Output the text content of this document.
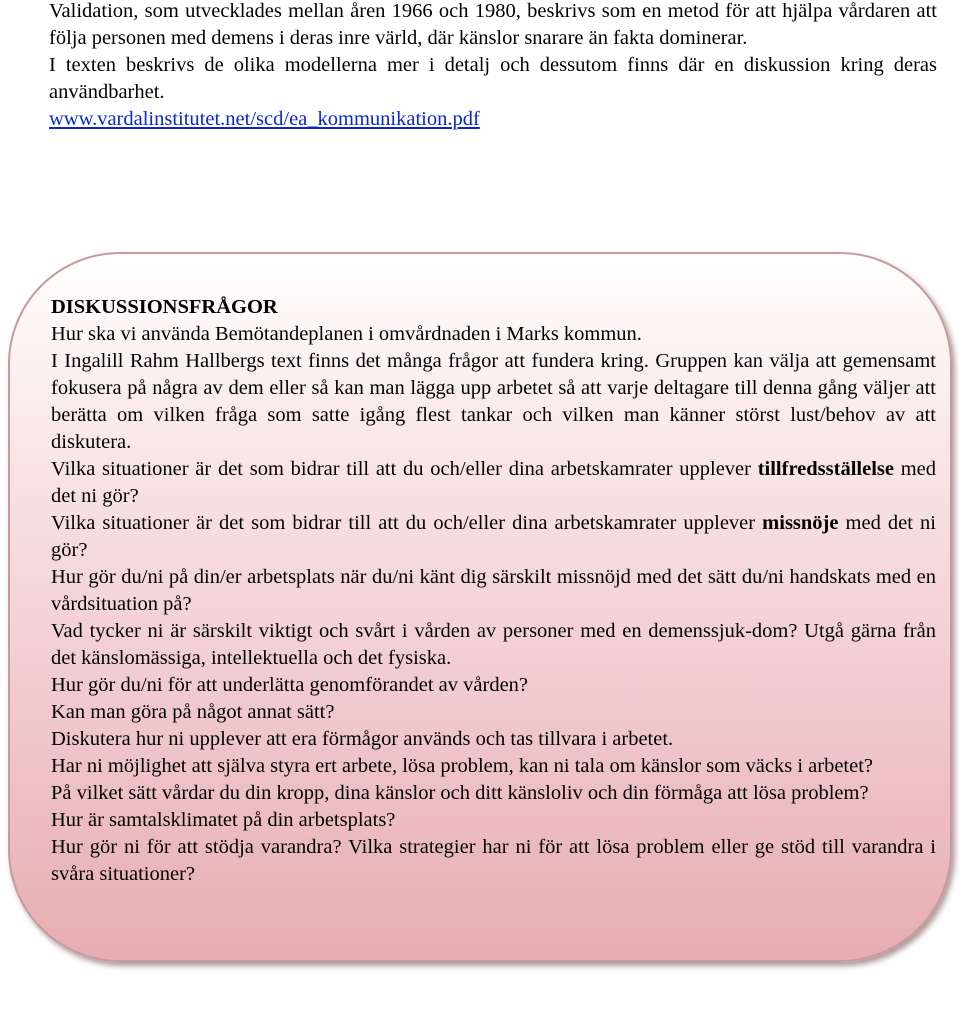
Validation, som utvecklades mellan åren 1966 och 1980, beskrivs som en metod för att hjälpa vårdaren att följa personen med demens i deras inre värld, där känslor snarare än fakta dominerar.

I texten beskrivs de olika modellerna mer i detalj och dessutom finns där en diskussion kring deras användbarhet.

www.vardalinstitutet.net/scd/ea_kommunikation.pdf

DISKUSSIONSFRÅGOR

Hur ska vi använda Bemötandeplanen i omvårdnaden i Marks kommun.

I Ingalill Rahm Hallbergs text finns det många frågor att fundera kring. Gruppen kan välja att gemensamt fokusera på några av dem eller så kan man lägga upp arbetet så att varje deltagare till denna gång väljer att berätta om vilken fråga som satte igång flest tankar och vilken man känner störst lust/behov av att diskutera.

Vilka situationer är det som bidrar till att du och/eller dina arbetskamrater upplever tillfredsställelse med det ni gör?

Vilka situationer är det som bidrar till att du och/eller dina arbetskamrater upplever missnöje med det ni gör?

Hur gör du/ni på din/er arbetsplats när du/ni känt dig särskilt missnöjd med det sätt du/ni handskats med en vårdsituation på?

Vad tycker ni är särskilt viktigt och svårt i vården av personer med en demenssjuk-dom? Utgå gärna från det känslomässiga, intellektuella och det fysiska.

Hur gör du/ni för att underlätta genomförandet av vården?

Kan man göra på något annat sätt?

Diskutera hur ni upplever att era förmågor används och tas tillvara i arbetet.

Har ni möjlighet att själva styra ert arbete, lösa problem, kan ni tala om känslor som väcks i arbetet?

På vilket sätt vårdar du din kropp, dina känslor och ditt känsloliv och din förmåga att lösa problem?

Hur är samtalsklimatet på din arbetsplats?

Hur gör ni för att stödja varandra? Vilka strategier har ni för att lösa problem eller ge stöd till varandra i svåra situationer?
